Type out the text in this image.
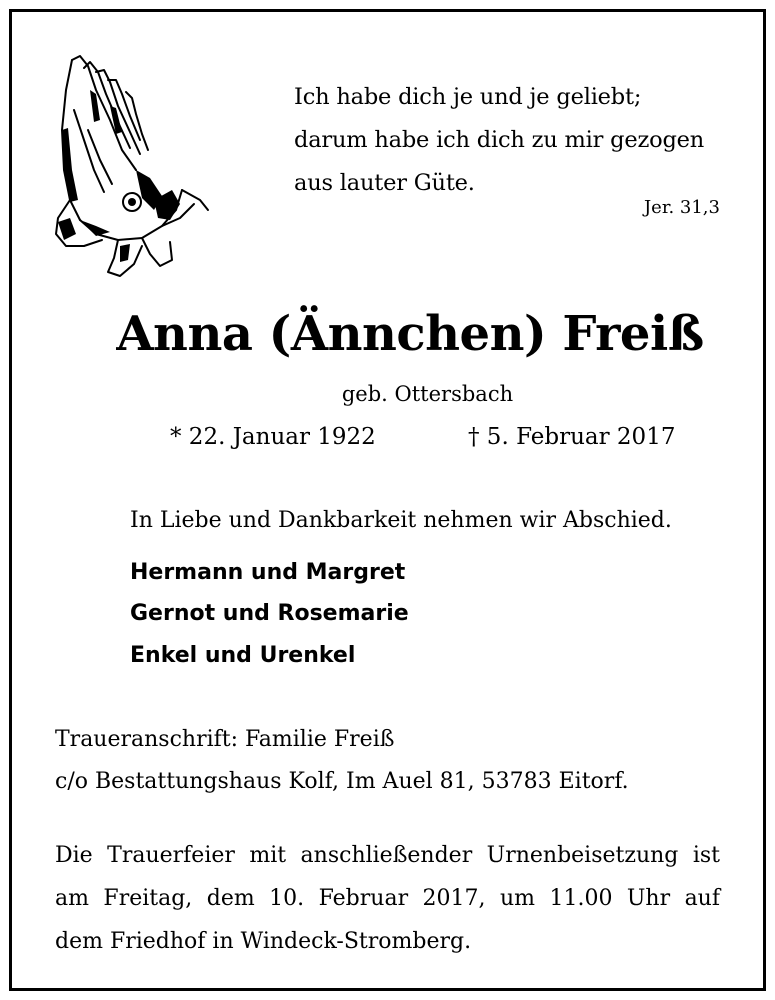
Ich habe dich je und je geliebt;
darum habe ich dich zu mir gezogen
aus lauter Güte.
Jer. 31,3
Anna (Ännchen) Freiß
geb. Ottersbach
* 22. Januar 1922	† 5. Februar 2017
In Liebe und Dankbarkeit nehmen wir Abschied.
Hermann und Margret
Gernot und Rosemarie
Enkel und Urenkel
Traueranschrift: Familie Freiß
c/o Bestattungshaus Kolf, Im Auel 81, 53783 Eitorf.
Die Trauerfeier mit anschließender Urnenbeisetzung ist
am Freitag, dem 10. Februar 2017, um 11.00 Uhr auf
dem Friedhof in Windeck-Stromberg.
